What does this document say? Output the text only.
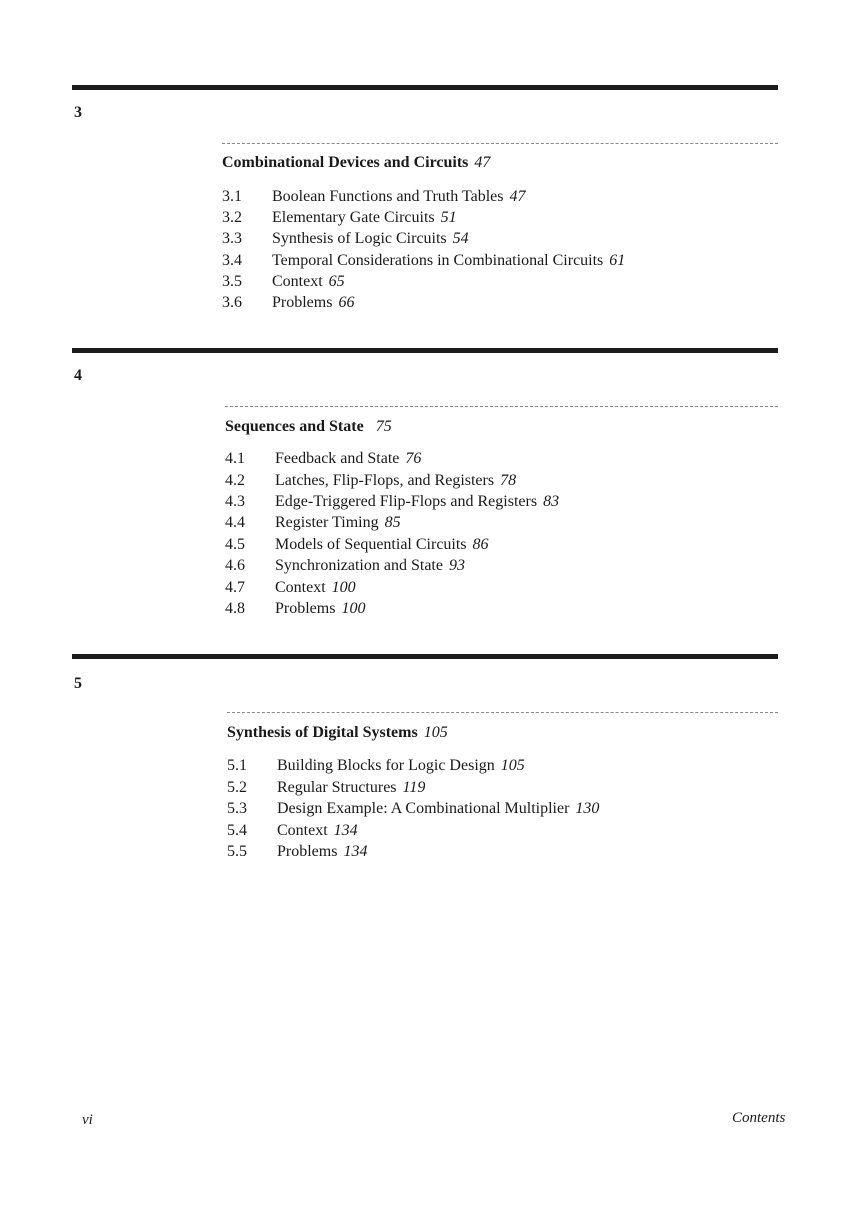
3
Combinational Devices and Circuits 47
3.1 Boolean Functions and Truth Tables 47
3.2 Elementary Gate Circuits 51
3.3 Synthesis of Logic Circuits 54
3.4 Temporal Considerations in Combinational Circuits 61
3.5 Context 65
3.6 Problems 66
4
Sequences and State 75
4.1 Feedback and State 76
4.2 Latches, Flip-Flops, and Registers 78
4.3 Edge-Triggered Flip-Flops and Registers 83
4.4 Register Timing 85
4.5 Models of Sequential Circuits 86
4.6 Synchronization and State 93
4.7 Context 100
4.8 Problems 100
5
Synthesis of Digital Systems 105
5.1 Building Blocks for Logic Design 105
5.2 Regular Structures 119
5.3 Design Example: A Combinational Multiplier 130
5.4 Context 134
5.5 Problems 134
vi	Contents
